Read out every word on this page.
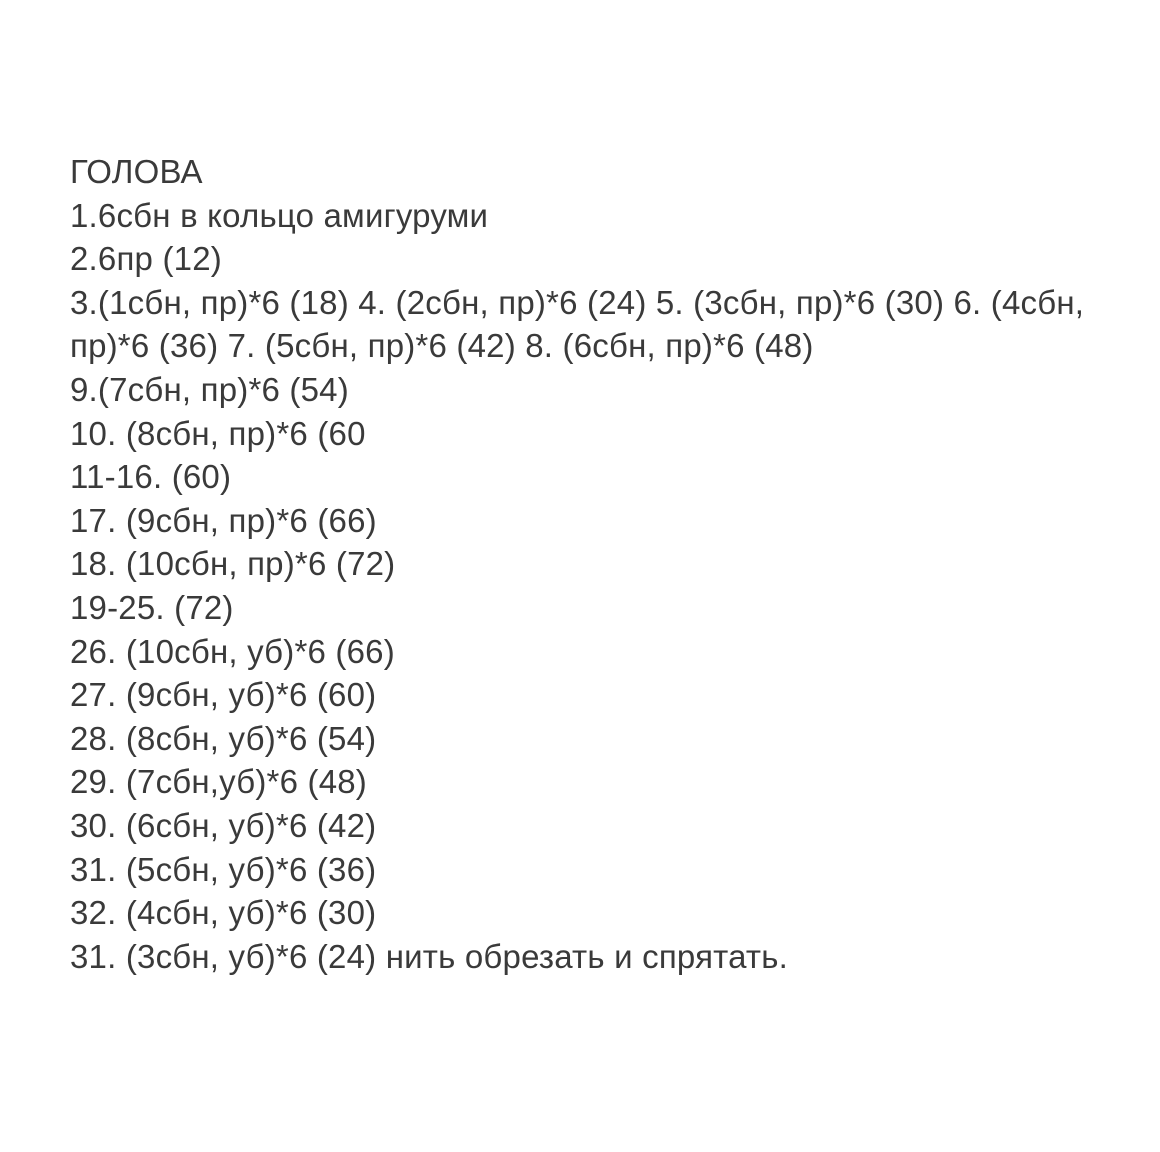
ГОЛОВА
1.6сбн в кольцо амигуруми
2.6пр (12)
3.(1сбн, пр)*6 (18) 4. (2сбн, пр)*6 (24) 5. (3сбн, пр)*6 (30) 6. (4сбн, пр)*6 (36) 7. (5сбн, пр)*6 (42) 8. (6сбн, пр)*6 (48)
9.(7сбн, пр)*6 (54)
10. (8сбн, пр)*6 (60
11-16. (60)
17. (9сбн, пр)*6 (66)
18. (10сбн, пр)*6 (72)
19-25. (72)
26. (10сбн, уб)*6 (66)
27. (9сбн, уб)*6 (60)
28. (8сбн, уб)*6 (54)
29. (7сбн,уб)*6 (48)
30. (6сбн, уб)*6 (42)
31. (5сбн, уб)*6 (36)
32. (4сбн, уб)*6 (30)
31. (3сбн, уб)*6 (24) нить обрезать и спрятать.
